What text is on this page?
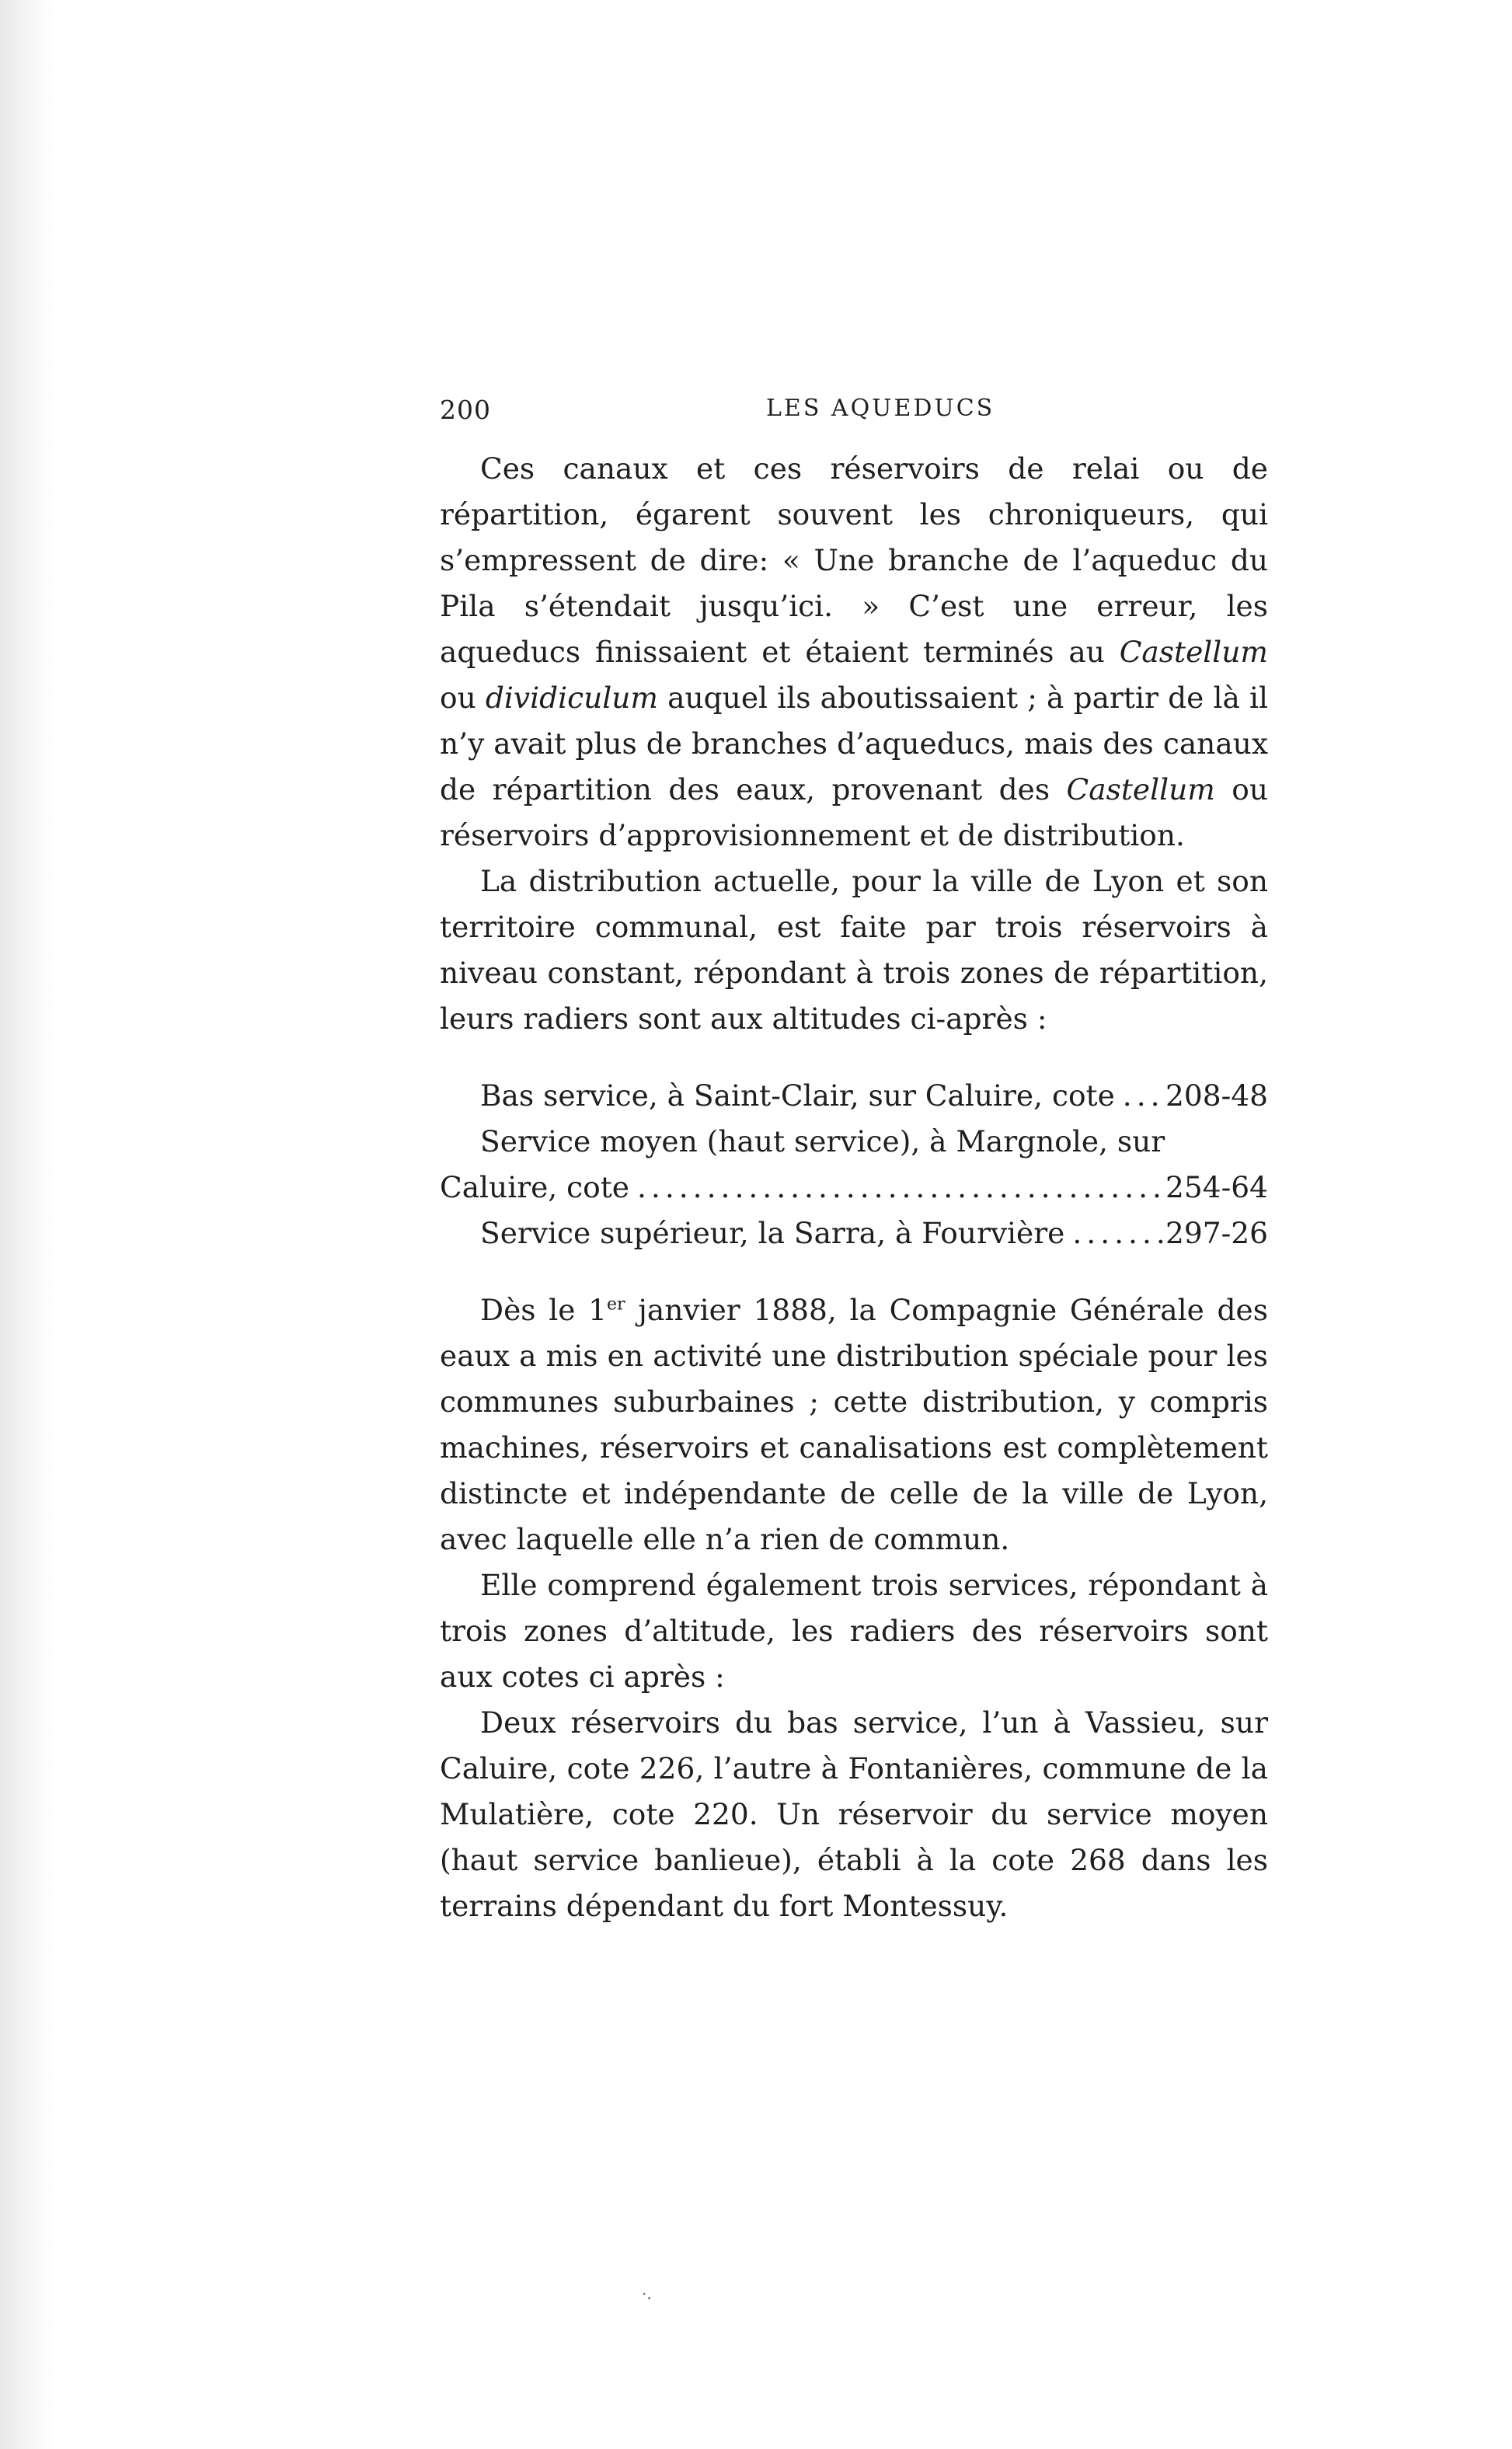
200	LES AQUEDUCS

Ces canaux et ces réservoirs de relai ou de répartition, égarent souvent les chroniqueurs, qui s’empressent de dire: « Une branche de l’aqueduc du Pila s’étendait jusqu’ici. » C’est une erreur, les aqueducs finissaient et étaient terminés au Castellum ou dividiculum auquel ils aboutissaient ; à partir de là il n’y avait plus de branches d’aqueducs, mais des canaux de répartition des eaux, provenant des Castellum ou réservoirs d’approvisionnement et de distribution.

La distribution actuelle, pour la ville de Lyon et son territoire communal, est faite par trois réservoirs à niveau constant, répondant à trois zones de répartition, leurs radiers sont aux altitudes ci-après :

Bas service, à Saint-Clair, sur Caluire, cote ..... 208-48
Service moyen (haut service), à Margnole, sur
Caluire, cote .....	254-64
Service supérieur, la Sarra, à Fourvière .....	297-26

Dès le 1er janvier 1888, la Compagnie Générale des eaux a mis en activité une distribution spéciale pour les communes suburbaines ; cette distribution, y compris machines, réservoirs et canalisations est complètement distincte et indépendante de celle de la ville de Lyon, avec laquelle elle n’a rien de commun.

Elle comprend également trois services, répondant à trois zones d’altitude, les radiers des réservoirs sont aux cotes ci après :

Deux réservoirs du bas service, l’un à Vassieu, sur Caluire, cote 226, l’autre à Fontanières, commune de la Mulatière, cote 220. Un réservoir du service moyen (haut service banlieue), établi à la cote 268 dans les terrains dépendant du fort Montessuy.

·.
